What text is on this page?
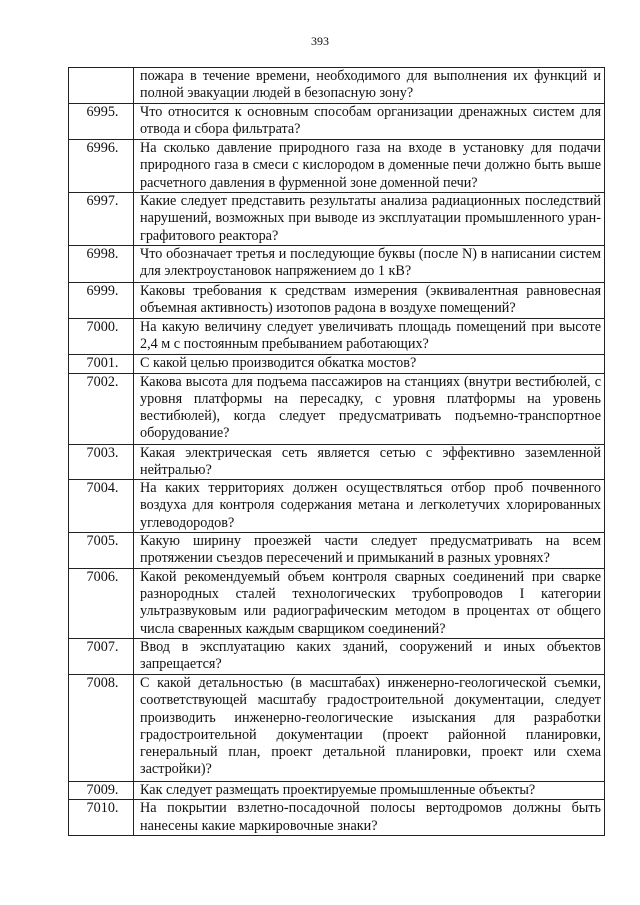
393
	пожара в течение времени, необходимого для выполнения их функций и полной эвакуации людей в безопасную зону?
6995.	Что относится к основным способам организации дренажных систем для отвода и сбора фильтрата?
6996.	На сколько давление природного газа на входе в установку для подачи природного газа в смеси с кислородом в доменные печи должно быть выше расчетного давления в фурменной зоне доменной печи?
6997.	Какие следует представить результаты анализа радиационных последствий нарушений, возможных при выводе из эксплуатации промышленного уран-графитового реактора?
6998.	Что обозначает третья и последующие буквы (после N) в написании систем для электроустановок напряжением до 1 кВ?
6999.	Каковы требования к средствам измерения (эквивалентная равновесная объемная активность) изотопов радона в воздухе помещений?
7000.	На какую величину следует увеличивать площадь помещений при высоте 2,4 м с постоянным пребыванием работающих?
7001.	С какой целью производится обкатка мостов?
7002.	Какова высота для подъема пассажиров на станциях (внутри вестибюлей, с уровня платформы на пересадку, с уровня платформы на уровень вестибюлей), когда следует предусматривать подъемно-транспортное оборудование?
7003.	Какая электрическая сеть является сетью с эффективно заземленной нейтралью?
7004.	На каких территориях должен осуществляться отбор проб почвенного воздуха для контроля содержания метана и легколетучих хлорированных углеводородов?
7005.	Какую ширину проезжей части следует предусматривать на всем протяжении съездов пересечений и примыканий в разных уровнях?
7006.	Какой рекомендуемый объем контроля сварных соединений при сварке разнородных сталей технологических трубопроводов I категории ультразвуковым или радиографическим методом в процентах от общего числа сваренных каждым сварщиком соединений?
7007.	Ввод в эксплуатацию каких зданий, сооружений и иных объектов запрещается?
7008.	С какой детальностью (в масштабах) инженерно-геологической съемки, соответствующей масштабу градостроительной документации, следует производить инженерно-геологические изыскания для разработки градостроительной документации (проект районной планировки, генеральный план, проект детальной планировки, проект или схема застройки)?
7009.	Как следует размещать проектируемые промышленные объекты?
7010.	На покрытии взлетно-посадочной полосы вертодромов должны быть нанесены какие маркировочные знаки?
